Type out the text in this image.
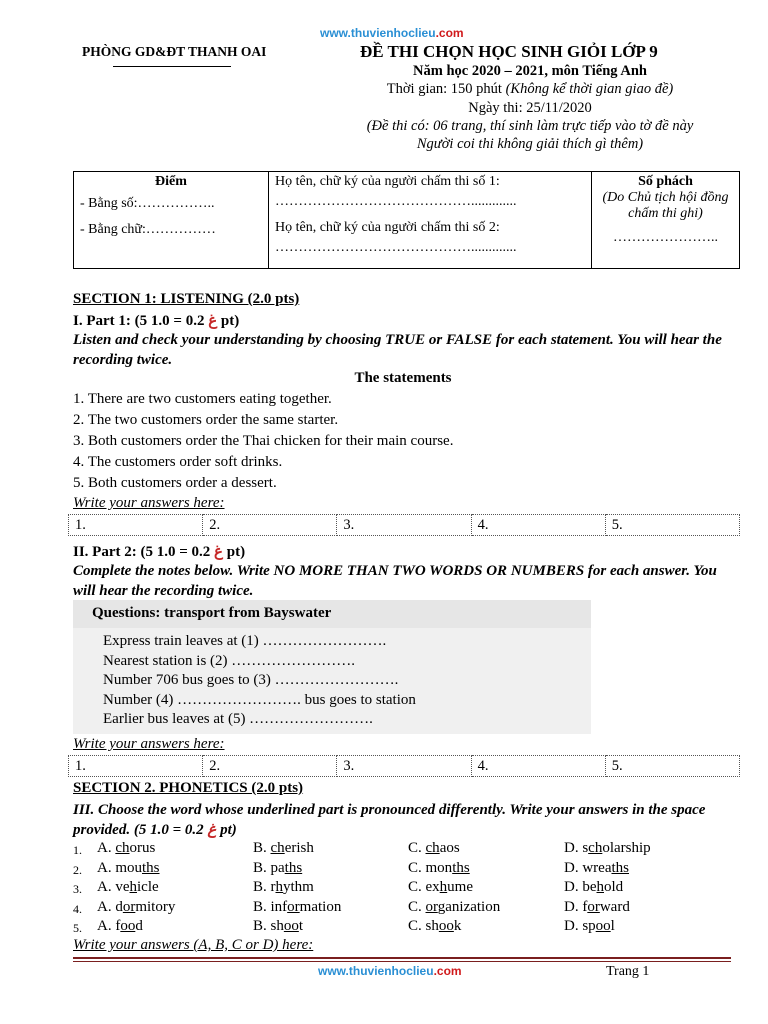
www.thuvienhoclieu.com
PHÒNG GD&ĐT THANH OAI	ĐỀ THI CHỌN HỌC SINH GIỎI LỚP 9
Năm học 2020 – 2021, môn Tiếng Anh
Thời gian: 150 phút (Không kể thời gian giao đề)
Ngày thi: 25/11/2020
(Đề thi có: 06 trang, thí sinh làm trực tiếp vào tờ đề này
Người coi thi không giải thích gì thêm)
Điểm
- Bằng số:……………..
- Bằng chữ:……………

Họ tên, chữ ký của người chấm thi số 1:
…………………………………….............
Họ tên, chữ ký của người chấm thi số 2:
…………………………………….............

Số phách
(Do Chủ tịch hội đồng chấm thi ghi)
…………………..
SECTION 1: LISTENING (2.0 pts)
I. Part 1: (5	ﻍ 0.2 = 1.0 pt)
Listen and check your understanding by choosing TRUE or FALSE for each statement. You will hear the recording twice.
The statements
1. There are two customers eating together.
2. The two customers order the same starter.
3. Both customers order the Thai chicken for their main course.
4. The customers order soft drinks.
5. Both customers order a dessert.
Write your answers here:
1.	2.	3.	4.	5.
II. Part 2: (5	ﻍ 0.2 = 1.0 pt)
Complete the notes below. Write NO MORE THAN TWO WORDS OR NUMBERS for each answer. You will hear the recording twice.
Questions: transport from Bayswater
Express train leaves at (1) …………………….
Nearest station is (2) …………………….
Number 706 bus goes to (3) …………………….
Number (4) ……………………. bus goes to station
Earlier bus leaves at (5) …………………….
Write your answers here:
1.	2.	3.	4.	5.
SECTION 2. PHONETICS (2.0 pts)
III. Choose the word whose underlined part is pronounced differently. Write your answers in the space provided. (5	ﻍ 0.2 = 1.0 pt)
1. A. chorus	B. cherish	C. chaos	D. scholarship
2. A. mouths	B. paths	C. months	D. wreaths
3. A. vehicle	B. rhythm	C. exhume	D. behold
4. A. dormitory	B. information	C. organization	D. forward
5. A. food	B. shoot	C. shook	D. spool
Write your answers (A, B, C or D) here:
www.thuvienhoclieu.com	Trang 1
